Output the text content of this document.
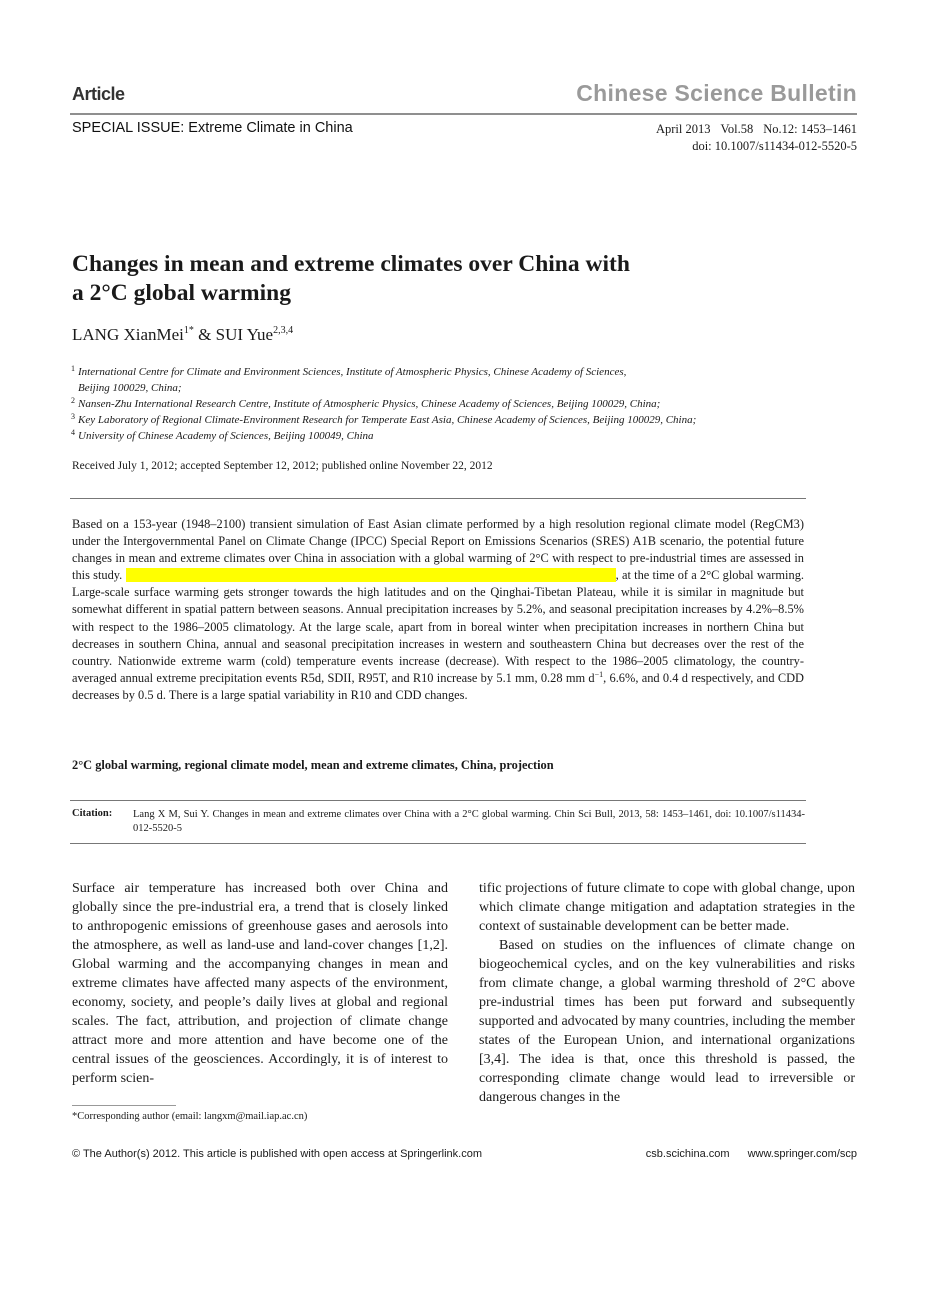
Article	Chinese Science Bulletin
SPECIAL ISSUE: Extreme Climate in China	April 2013 Vol.58 No.12: 1453–1461
doi: 10.1007/s11434-012-5520-5
Changes in mean and extreme climates over China with
a 2°C global warming
LANG XianMei$^{1*}$ & SUI Yue$^{2,3,4}$
1 International Centre for Climate and Environment Sciences, Institute of Atmospheric Physics, Chinese Academy of Sciences,
Beijing 100029, China;
2 Nansen-Zhu International Research Centre, Institute of Atmospheric Physics, Chinese Academy of Sciences, Beijing 100029, China;
3 Key Laboratory of Regional Climate-Environment Research for Temperate East Asia, Chinese Academy of Sciences, Beijing 100029, China;
4 University of Chinese Academy of Sciences, Beijing 100049, China
Received July 1, 2012; accepted September 12, 2012; published online November 22, 2012
Based on a 153-year (1948–2100) transient simulation of East Asian climate performed by a high resolution regional climate model (RegCM3) under the Intergovernmental Panel on Climate Change (IPCC) Special Report on Emissions Scenarios (SRES) A1B scenario, the potential future changes in mean and extreme climates over China in association with a global warming of 2°C with respect to pre-industrial times are assessed in this study.	, at the time of a 2°C global warming. Large-scale surface warming gets stronger towards the high latitudes and on the Qinghai-Tibetan Plateau, while it is similar in magnitude but somewhat different in spatial pattern between seasons. Annual precipitation increases by 5.2%, and seasonal precipitation increases by 4.2%–8.5% with respect to the 1986–2005 climatology. At the large scale, apart from in boreal winter when precipitation increases in northern China but decreases in southern China, annual and seasonal precipitation increases in western and southeastern China but decreases over the rest of the country. Nationwide extreme warm (cold) temperature events increase (decrease). With respect to the 1986–2005 climatology, the country-averaged annual extreme precipitation events R5d, SDII, R95T, and R10 increase by 5.1 mm, 0.28 mm $d^{-1}$, 6.6%, and 0.4 d respectively, and CDD decreases by 0.5 d. There is a large spatial variability in R10 and CDD changes.
2°C global warming, regional climate model, mean and extreme climates, China, projection
Citation: Lang X M, Sui Y. Changes in mean and extreme climates over China with a 2°C global warming. Chin Sci Bull, 2013, 58: 1453–1461, doi: 10.1007/s11434- 012-5520-5

Surface air temperature has increased both over China and globally since the pre-industrial era, a trend that is closely linked to anthropogenic emissions of greenhouse gases and aerosols into the atmosphere, as well as land-use and land-cover changes [1,2]. Global warming and the accompanying changes in mean and extreme climates have affected many aspects of the environment, economy, society, and people’s daily lives at global and regional scales. The fact, attribution, and projection of climate change attract more and more attention and have become one of the central issues of the geosciences. Accordingly, it is of interest to perform scien-

tific projections of future climate to cope with global change, upon which climate change mitigation and adaptation strategies in the context of sustainable development can be better made.

Based on studies on the influences of climate change on biogeochemical cycles, and on the key vulnerabilities and risks from climate change, a global warming threshold of 2°C above pre-industrial times has been put forward and subsequently supported and advocated by many countries, including the member states of the European Union, and international organizations [3,4]. The idea is that, once this threshold is passed, the corresponding climate change would lead to irreversible or dangerous changes in the

*Corresponding author (email: langxm@mail.iap.ac.cn)
© The Author(s) 2012. This article is published with open access at Springerlink.com	csb.scichina.com www.springer.com/scp
